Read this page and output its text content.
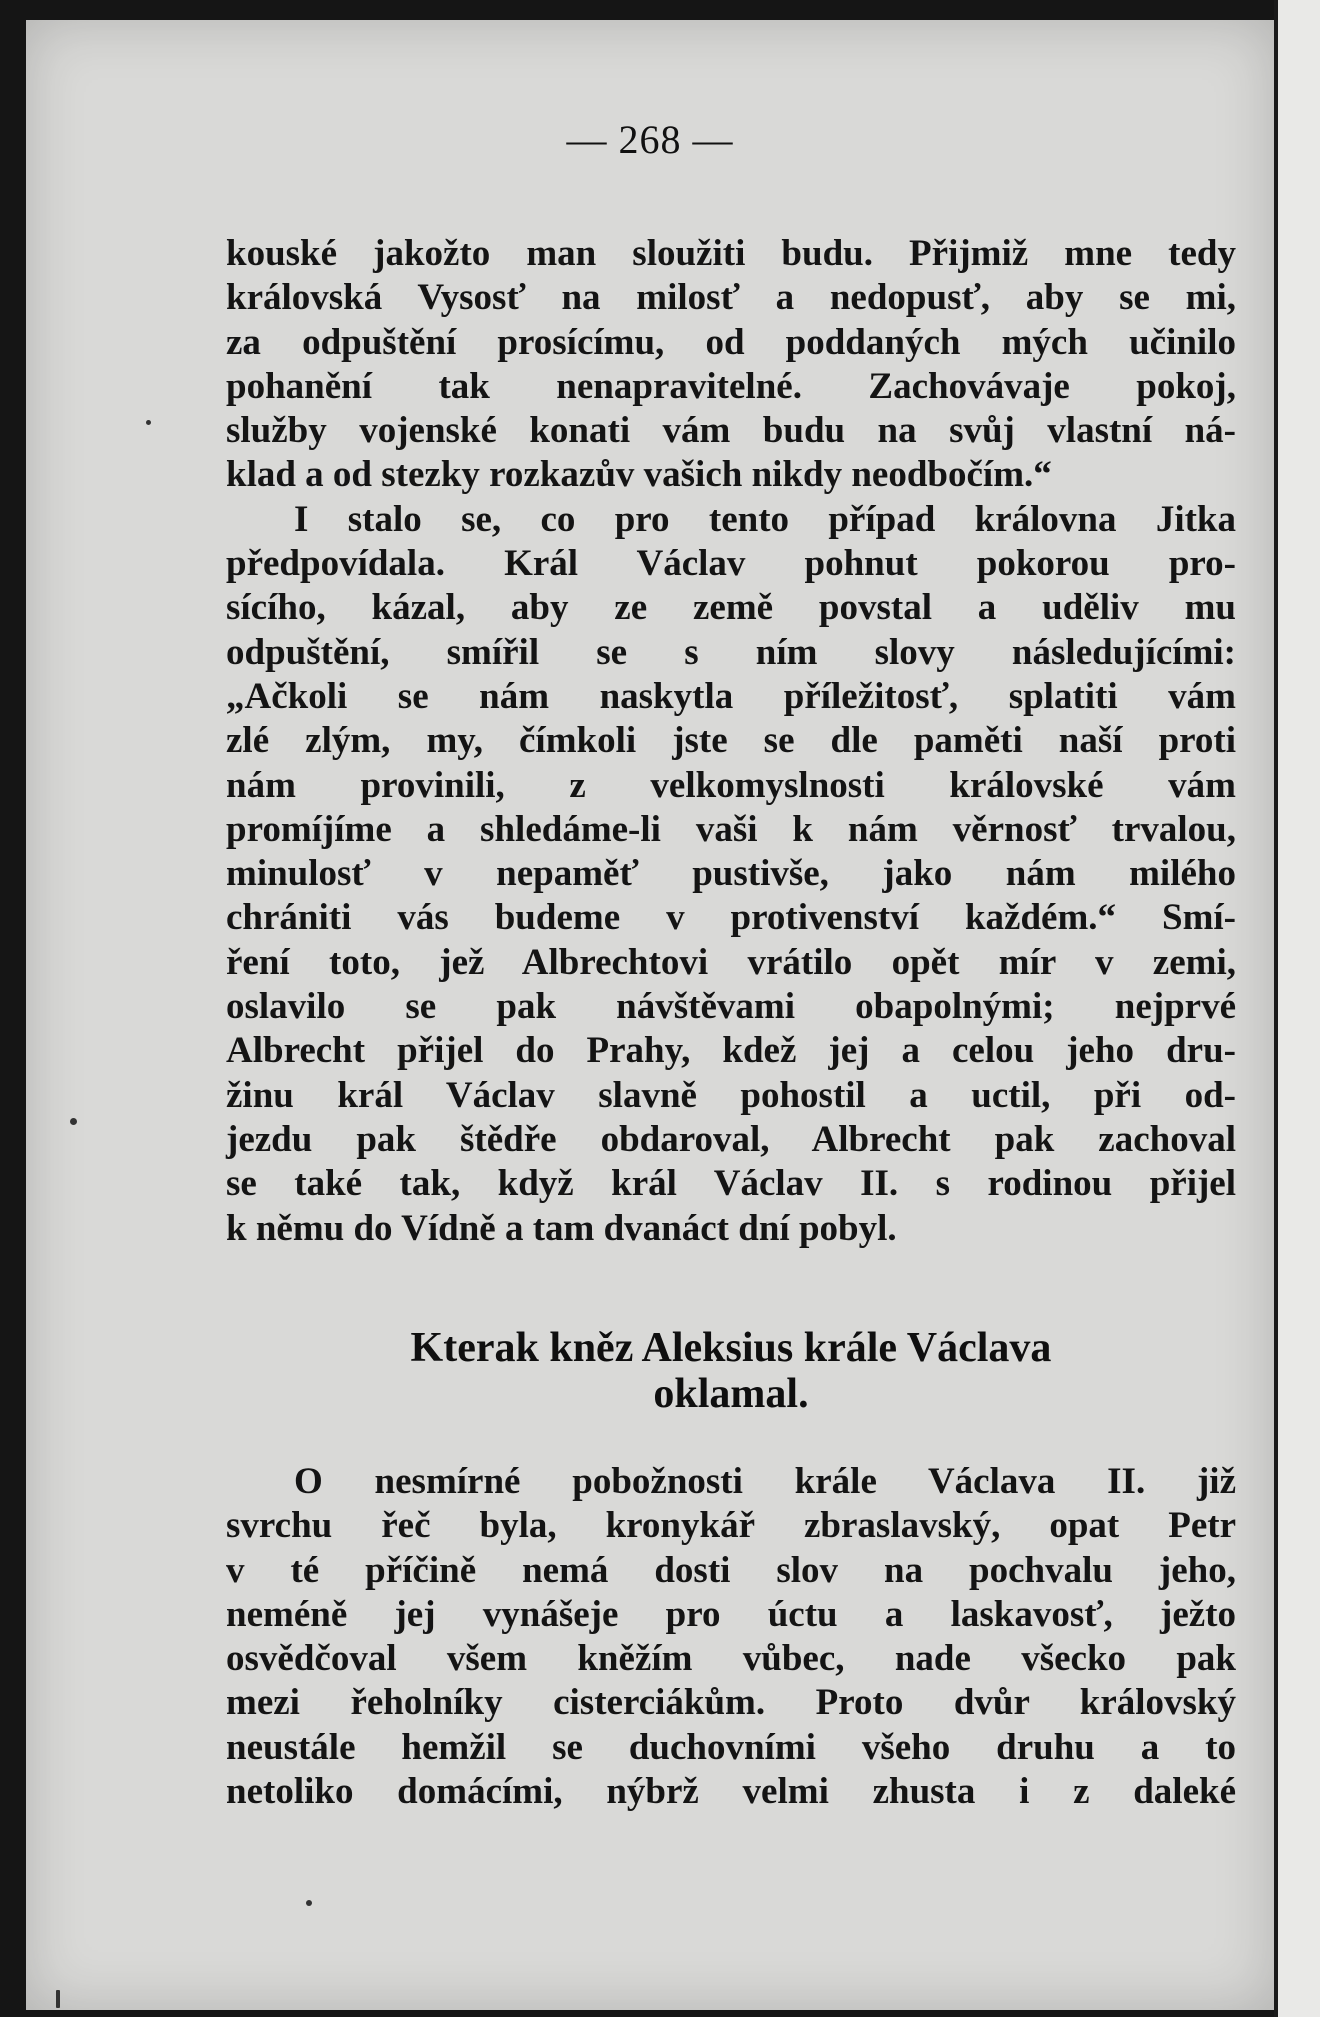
— 268 —
kouské jakožto man sloužiti budu. Přijmiž mne tedy
královská Vysosť na milosť a nedopusť, aby se mi,
za odpuštění prosícímu, od poddaných mých učinilo
pohanění tak nenapravitelné. Zachovávaje pokoj,
služby vojenské konati vám budu na svůj vlastní ná-
klad a od stezky rozkazův vašich nikdy neodbočím.“
I stalo se, co pro tento případ královna Jitka
předpovídala. Král Václav pohnut pokorou pro-
sícího, kázal, aby ze země povstal a uděliv mu
odpuštění, smířil se s ním slovy následujícími:
„Ačkoli se nám naskytla příležitosť, splatiti vám
zlé zlým, my, čímkoli jste se dle paměti naší proti
nám provinili, z velkomyslnosti královské vám
promíjíme a shledáme-li vaši k nám věrnosť trvalou,
minulosť v nepaměť pustivše, jako nám milého
chrániti vás budeme v protivenství každém.“ Smí-
ření toto, jež Albrechtovi vrátilo opět mír v zemi,
oslavilo se pak návštěvami obapolnými; nejprvé
Albrecht přijel do Prahy, kdež jej a celou jeho dru-
žinu král Václav slavně pohostil a uctil, při od-
jezdu pak štědře obdaroval, Albrecht pak zachoval
se také tak, když král Václav II. s rodinou přijel
k němu do Vídně a tam dvanáct dní pobyl.
Kterak kněz Aleksius krále Václava
oklamal.
O nesmírné pobožnosti krále Václava II. již
svrchu řeč byla, kronykář zbraslavský, opat Petr
v té příčině nemá dosti slov na pochvalu jeho,
neméně jej vynášeje pro úctu a laskavosť, ježto
osvědčoval všem kněžím vůbec, nade všecko pak
mezi řeholníky cisterciákům. Proto dvůr královský
neustále hemžil se duchovními všeho druhu a to
netoliko domácími, nýbrž velmi zhusta i z daleké
